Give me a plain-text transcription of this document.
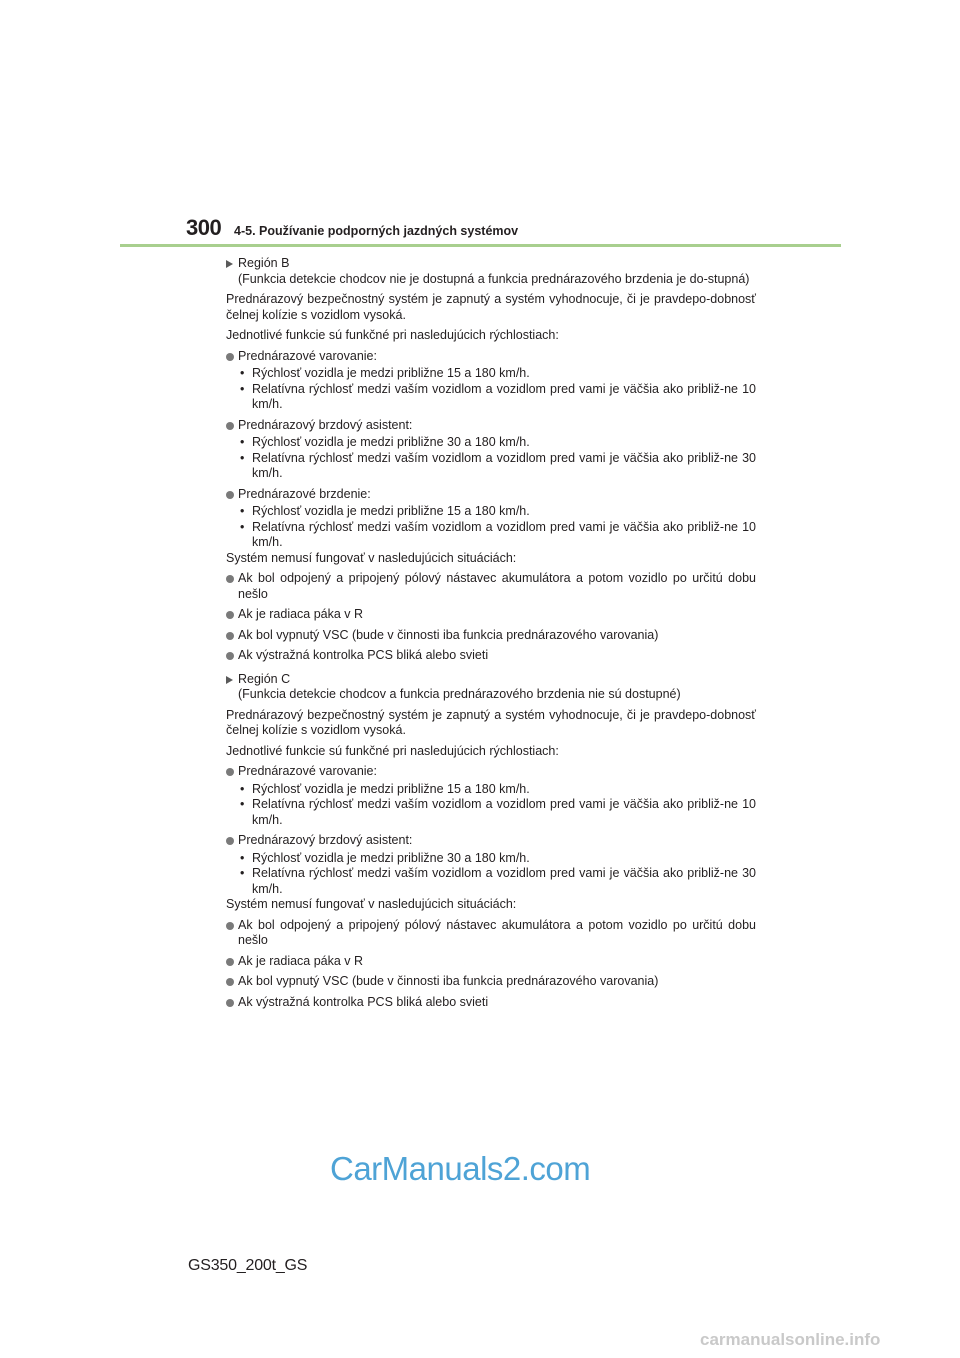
300 4-5. Používanie podporných jazdných systémov
Región B
(Funkcia detekcie chodcov nie je dostupná a funkcia prednárazového brzdenia je do-stupná)
Prednárazový bezpečnostný systém je zapnutý a systém vyhodnocuje, či je pravdepo-dobnosť čelnej kolízie s vozidlom vysoká.
Jednotlivé funkcie sú funkčné pri nasledujúcich rýchlostiach:
Prednárazové varovanie:
• Rýchlosť vozidla je medzi približne 15 a 180 km/h.
• Relatívna rýchlosť medzi vaším vozidlom a vozidlom pred vami je väčšia ako približ-ne 10 km/h.
Prednárazový brzdový asistent:
• Rýchlosť vozidla je medzi približne 30 a 180 km/h.
• Relatívna rýchlosť medzi vaším vozidlom a vozidlom pred vami je väčšia ako približ-ne 30 km/h.
Prednárazové brzdenie:
• Rýchlosť vozidla je medzi približne 15 a 180 km/h.
• Relatívna rýchlosť medzi vaším vozidlom a vozidlom pred vami je väčšia ako približ-ne 10 km/h.
Systém nemusí fungovať v nasledujúcich situáciách:
Ak bol odpojený a pripojený pólový nástavec akumulátora a potom vozidlo po určitú dobu nešlo
Ak je radiaca páka v R
Ak bol vypnutý VSC (bude v činnosti iba funkcia prednárazového varovania)
Ak výstražná kontrolka PCS bliká alebo svieti
Región C
(Funkcia detekcie chodcov a funkcia prednárazového brzdenia nie sú dostupné)
Prednárazový bezpečnostný systém je zapnutý a systém vyhodnocuje, či je pravdepo-dobnosť čelnej kolízie s vozidlom vysoká.
Jednotlivé funkcie sú funkčné pri nasledujúcich rýchlostiach:
Prednárazové varovanie:
• Rýchlosť vozidla je medzi približne 15 a 180 km/h.
• Relatívna rýchlosť medzi vaším vozidlom a vozidlom pred vami je väčšia ako približ-ne 10 km/h.
Prednárazový brzdový asistent:
• Rýchlosť vozidla je medzi približne 30 a 180 km/h.
• Relatívna rýchlosť medzi vaším vozidlom a vozidlom pred vami je väčšia ako približ-ne 30 km/h.
Systém nemusí fungovať v nasledujúcich situáciách:
Ak bol odpojený a pripojený pólový nástavec akumulátora a potom vozidlo po určitú dobu nešlo
Ak je radiaca páka v R
Ak bol vypnutý VSC (bude v činnosti iba funkcia prednárazového varovania)
Ak výstražná kontrolka PCS bliká alebo svieti
CarManuals2.com
GS350_200t_GS
carmanualsonline.info
